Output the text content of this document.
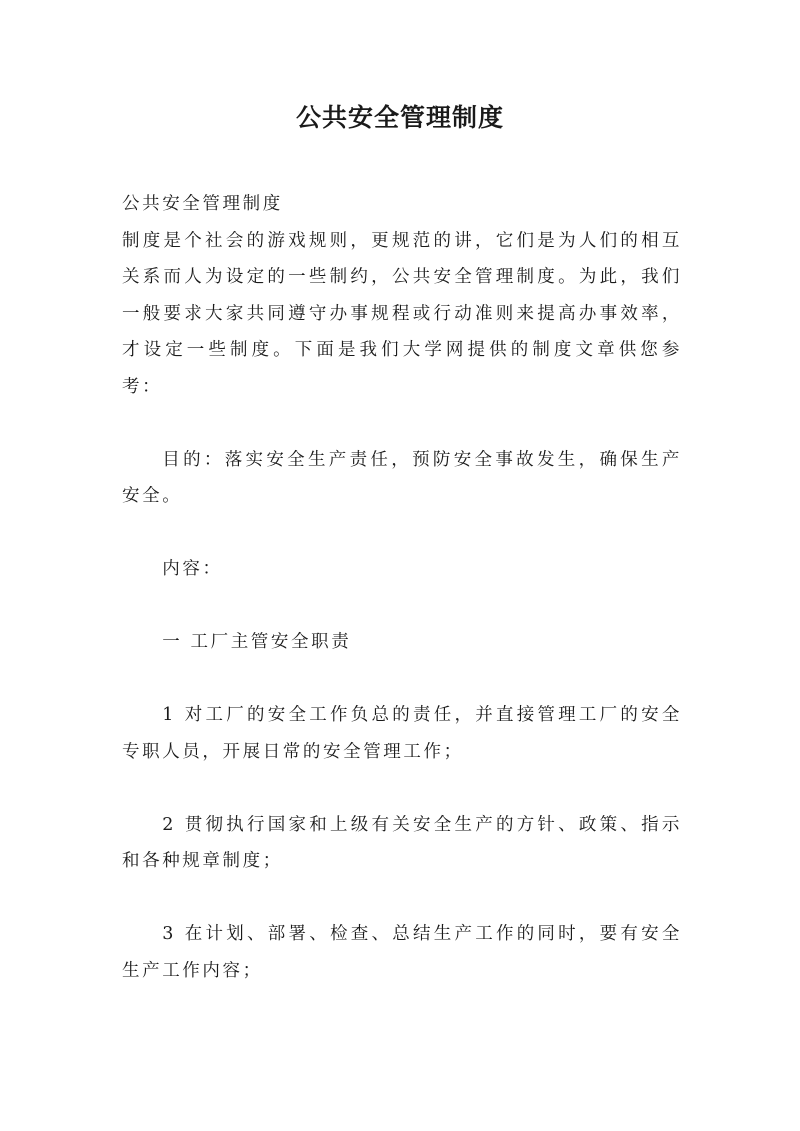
公共安全管理制度

公共安全管理制度

制度是个社会的游戏规则，更规范的讲，它们是为人们的相互关系而人为设定的一些制约，公共安全管理制度。为此，我们一般要求大家共同遵守办事规程或行动准则来提高办事效率，才设定一些制度。下面是我们大学网提供的制度文章供您参考：

目的：落实安全生产责任，预防安全事故发生，确保生产安全。

内容：

一 工厂主管安全职责

1 对工厂的安全工作负总的责任，并直接管理工厂的安全专职人员，开展日常的安全管理工作；

2 贯彻执行国家和上级有关安全生产的方针、政策、指示和各种规章制度；

3 在计划、部署、检查、总结生产工作的同时，要有安全生产工作内容；
